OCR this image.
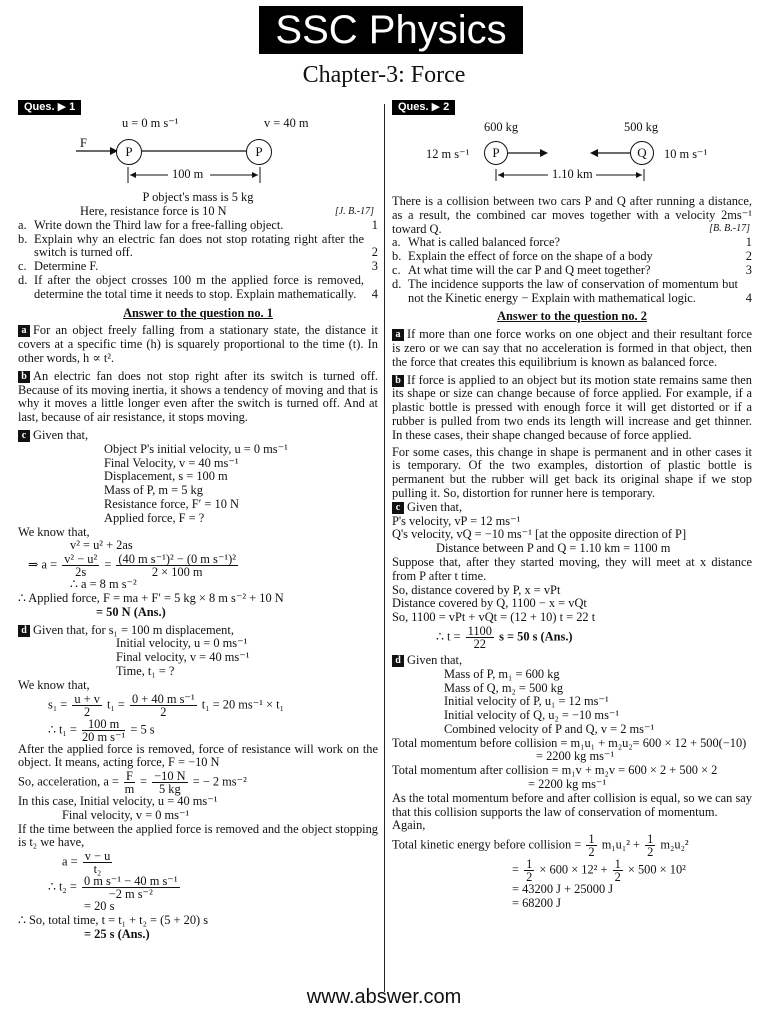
SSC Physics
Chapter-3: Force
Ques. ▶ 1
u = 0 m s⁻¹	v = 40 m
F
P	P
100 m

P object's mass is 5 kg

Here, resistance force is 10 N	[J. B.-17]
a. Write down the Third law for a free-falling object.	1
b. Explain why an electric fan does not stop rotating right after the switch is turned off.	2
c. Determine F.	3
d. If after the object crosses 100 m the applied force is removed, determine the total time it needs to stop. Explain mathematically.	4
Answer to the question no. 1

a For an object freely falling from a stationary state, the distance it covers at a specific time (h) is squarely proportional to the time (t). In other words, h ∝ t².

b An electric fan does not stop right after its switch is turned off. Because of its moving inertia, it shows a tendency of moving and that is why it moves a little longer even after the switch is turned off. And at last, because of air resistance, it stops moving.

c Given that,

Object P's initial velocity, u = 0 ms⁻¹

Final Velocity, v = 40 ms⁻¹

Displacement, s = 100 m

Mass of P, m = 5 kg

Resistance force, F′ = 10 N

Applied force, F = ?

We know that,

v² = u² + 2as

⇒ $a = \frac{\text{v² − u²}}{2s} = \frac{\text{(40 m s⁻¹)² − (0 m s⁻¹)²}}{2 \times 100 m}$

∴ a = 8 m s⁻²

∴ Applied force, F = ma + F′ = 5 kg × 8 m s⁻² + 10 N

= 50 N (Ans.)

d Given that, for s₁ = 100 m displacement,

Initial velocity, u = 0 ms⁻¹

Final velocity, v = 40 ms⁻¹

Time, t₁ = ?

We know that,

$s_1 = \frac{u + v}{2} t_1 = \frac{\text{0 + 40 m s⁻¹}}{2} t_1 = 20$ ms⁻¹ × t₁

∴ $t_1 = \frac{100 m}{\text{20 m s⁻¹}} = 5$ s

After the applied force is removed, force of resistance will work on the object. It means, acting force, F = −10 N

So, acceleration, $a = \frac{F}{m} = \frac{-10 N}{5 kg}$ = − 2 ms⁻²

In this case, Initial velocity, u = 40 ms⁻¹

Final velocity, v = 0 ms⁻¹

If the time between the applied force is removed and the object stopping is t₂ we have,

$a = \frac{v - u}{\text{t₂}}$

∴ $t_2 = \frac{\text{0 m s⁻¹ − 40 m s⁻¹}}{\text{−2 m s⁻²}}$

= 20 s

∴ So, total time, t = t₁ + t₂ = (5 + 20) s

= 25 s (Ans.)

Ques. ▶ 2
600 kg	500 kg
12 m s⁻¹	10 m s⁻¹
P	Q
1.10 km

There is a collision between two cars P and Q after running a distance, as a result, the combined car moves together with a velocity 2ms⁻¹ toward Q.	[B. B.-17]
a. What is called balanced force?	1
b. Explain the effect of force on the shape of a body	2
c. At what time will the car P and Q meet together?	3
d. The incidence supports the law of conservation of momentum but not the Kinetic energy − Explain with mathematical logic.	4
Answer to the question no. 2

a If more than one force works on one object and their resultant force is zero or we can say that no acceleration is formed in that object, then the force that creates this equilibrium is known as balanced force.

b If force is applied to an object but its motion state remains same then its shape or size can change because of force applied. For example, if a plastic bottle is pressed with enough force it will get distorted or if a rubber is pulled from two ends its length will increase and get thinner. In these cases, their shape changed because of force applied.

For some cases, this change in shape is permanent and in other cases it is temporary. Of the two examples, distortion of plastic bottle is permanent but the rubber will get back its original shape if we stop pulling it. So, distortion for runner here is temporary.

c Given that,

P's velocity, vP = 12 ms⁻¹

Q's velocity, vQ = −10 ms⁻¹ [at the opposite direction of P]

Distance between P and Q = 1.10 km = 1100 m

Suppose that, after they started moving, they will meet at x distance from P after t time.

So, distance covered by P, x = vPt

Distance covered by Q, 1100 − x = vQt

So, 1100 = vPt + vQt = (12 + 10) t = 22 t

∴ $t = \frac{1100}{22}$ s = 50 s (Ans.)

d Given that,

Mass of P, m₁ = 600 kg

Mass of Q, m₂ = 500 kg

Initial velocity of P, u₁ = 12 ms⁻¹

Initial velocity of Q, u₂ = −10 ms⁻¹

Combined velocity of P and Q, v = 2 ms⁻¹

Total momentum before collision = m₁u₁ + m₂u₂= 600 × 12 + 500(−10)

= 2200 kg ms⁻¹

Total momentum after collision = m₁v + m₂v = 600 × 2 + 500 × 2

= 2200 kg ms⁻¹

As the total momentum before and after collision is equal, so we can say that this collision supports the law of conservation of momentum.

Again,

Total kinetic energy before collision = $\frac{1}{2} m_1u_1^2 + \frac{1}{2} m_2u_2^2$

= $\frac{1}{2} \times 600 \times 12^2 + \frac{1}{2} \times 500 \times 10^2$

= 43200 J + 25000 J

= 68200 J

www.abswer.com
